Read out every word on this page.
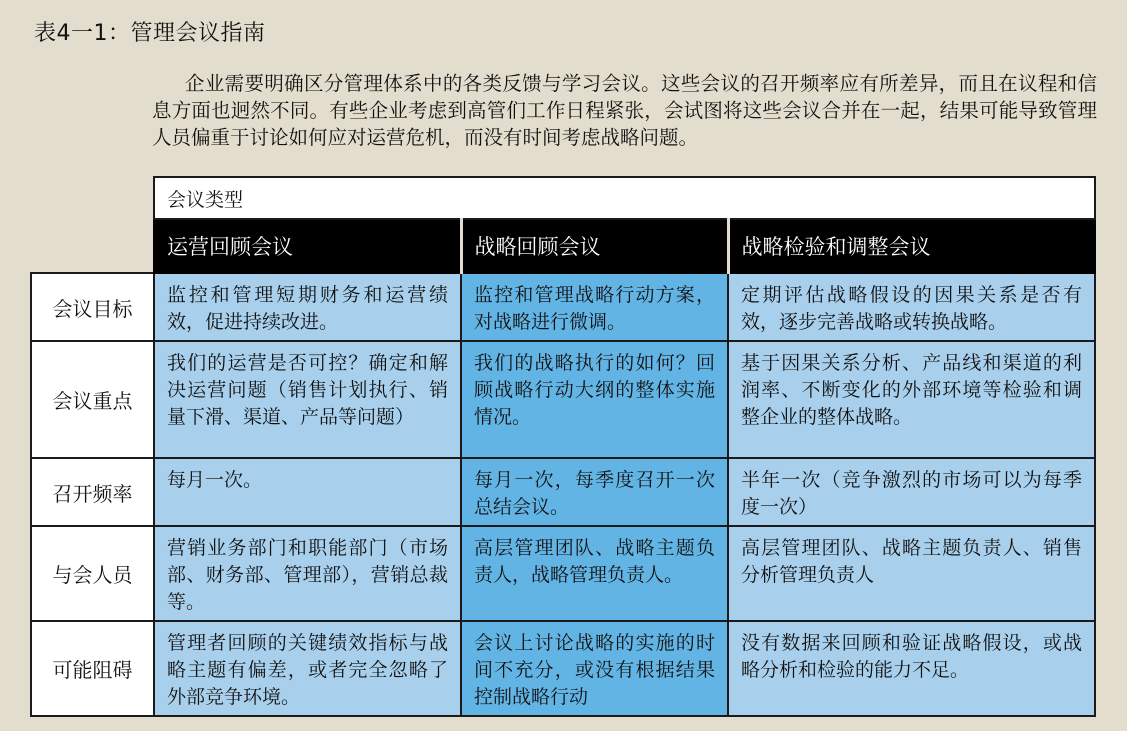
表4一1：管理会议指南

企业需要明确区分管理体系中的各类反馈与学习会议。这些会议的召开频率应有所差异，而且在议程和信息方面也迥然不同。有些企业考虑到高管们工作日程紧张，会试图将这些会议合并在一起，结果可能导致管理人员偏重于讨论如何应对运营危机，而没有时间考虑战略问题。

	会议类型		
	运营回顾会议	战略回顾会议	战略检验和调整会议
会议目标	监控和管理短期财务和运营绩效，促进持续改进。	监控和管理战略行动方案，对战略进行微调。	定期评估战略假设的因果关系是否有效，逐步完善战略或转换战略。
会议重点	我们的运营是否可控？确定和解决运营问题（销售计划执行、销量下滑、渠道、产品等问题）	我们的战略执行的如何？回顾战略行动大纲的整体实施情况。	基于因果关系分析、产品线和渠道的利润率、不断变化的外部环境等检验和调整企业的整体战略。
召开频率	每月一次。	每月一次，每季度召开一次总结会议。	半年一次（竞争激烈的市场可以为每季度一次）
与会人员	营销业务部门和职能部门（市场部、财务部、管理部），营销总裁等。	高层管理团队、战略主题负责人，战略管理负责人。	高层管理团队、战略主题负责人、销售分析管理负责人
可能阻碍	管理者回顾的关键绩效指标与战略主题有偏差，或者完全忽略了外部竞争环境。	会议上讨论战略的实施的时间不充分，或没有根据结果控制战略行动	没有数据来回顾和验证战略假设，或战略分析和检验的能力不足。
